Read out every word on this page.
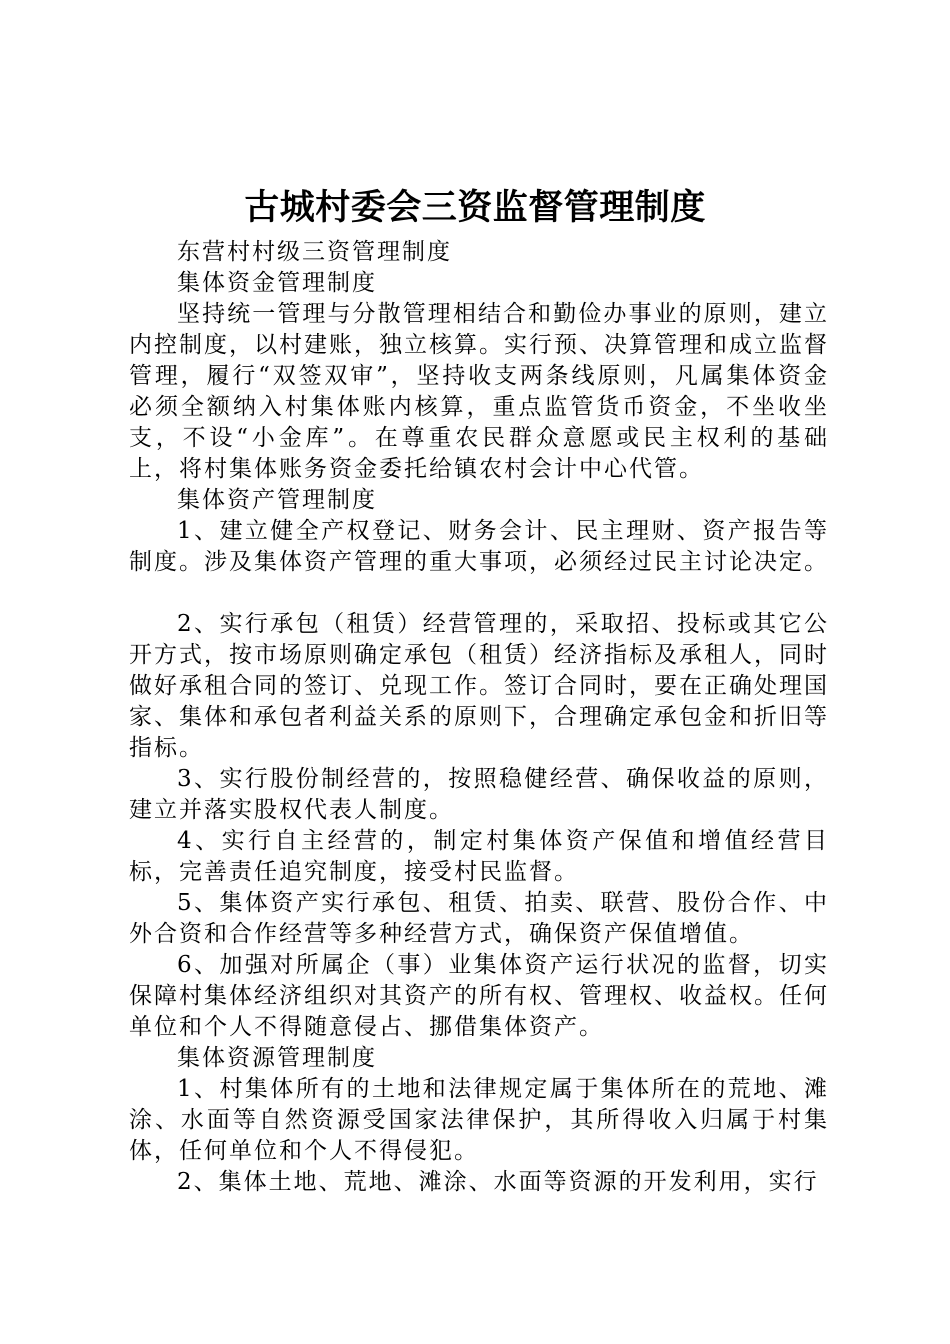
古城村委会三资监督管理制度

东营村村级三资管理制度

集体资金管理制度

坚持统一管理与分散管理相结合和勤俭办事业的原则，建立内控制度，以村建账，独立核算。实行预、决算管理和成立监督管理，履行“双签双审”，坚持收支两条线原则，凡属集体资金必须全额纳入村集体账内核算，重点监管货币资金，不坐收坐支，不设“小金库”。在尊重农民群众意愿或民主权利的基础上，将村集体账务资金委托给镇农村会计中心代管。

集体资产管理制度

1、建立健全产权登记、财务会计、民主理财、资产报告等制度。涉及集体资产管理的重大事项，必须经过民主讨论决定。

2、实行承包（租赁）经营管理的，采取招、投标或其它公开方式，按市场原则确定承包（租赁）经济指标及承租人，同时做好承租合同的签订、兑现工作。签订合同时，要在正确处理国家、集体和承包者利益关系的原则下，合理确定承包金和折旧等指标。

3、实行股份制经营的，按照稳健经营、确保收益的原则，建立并落实股权代表人制度。

4、实行自主经营的，制定村集体资产保值和增值经营目标，完善责任追究制度，接受村民监督。

5、集体资产实行承包、租赁、拍卖、联营、股份合作、中外合资和合作经营等多种经营方式，确保资产保值增值。

6、加强对所属企（事）业集体资产运行状况的监督，切实保障村集体经济组织对其资产的所有权、管理权、收益权。任何单位和个人不得随意侵占、挪借集体资产。

集体资源管理制度

1、村集体所有的土地和法律规定属于集体所在的荒地、滩涂、水面等自然资源受国家法律保护，其所得收入归属于村集体，任何单位和个人不得侵犯。

2、集体土地、荒地、滩涂、水面等资源的开发利用，实行
